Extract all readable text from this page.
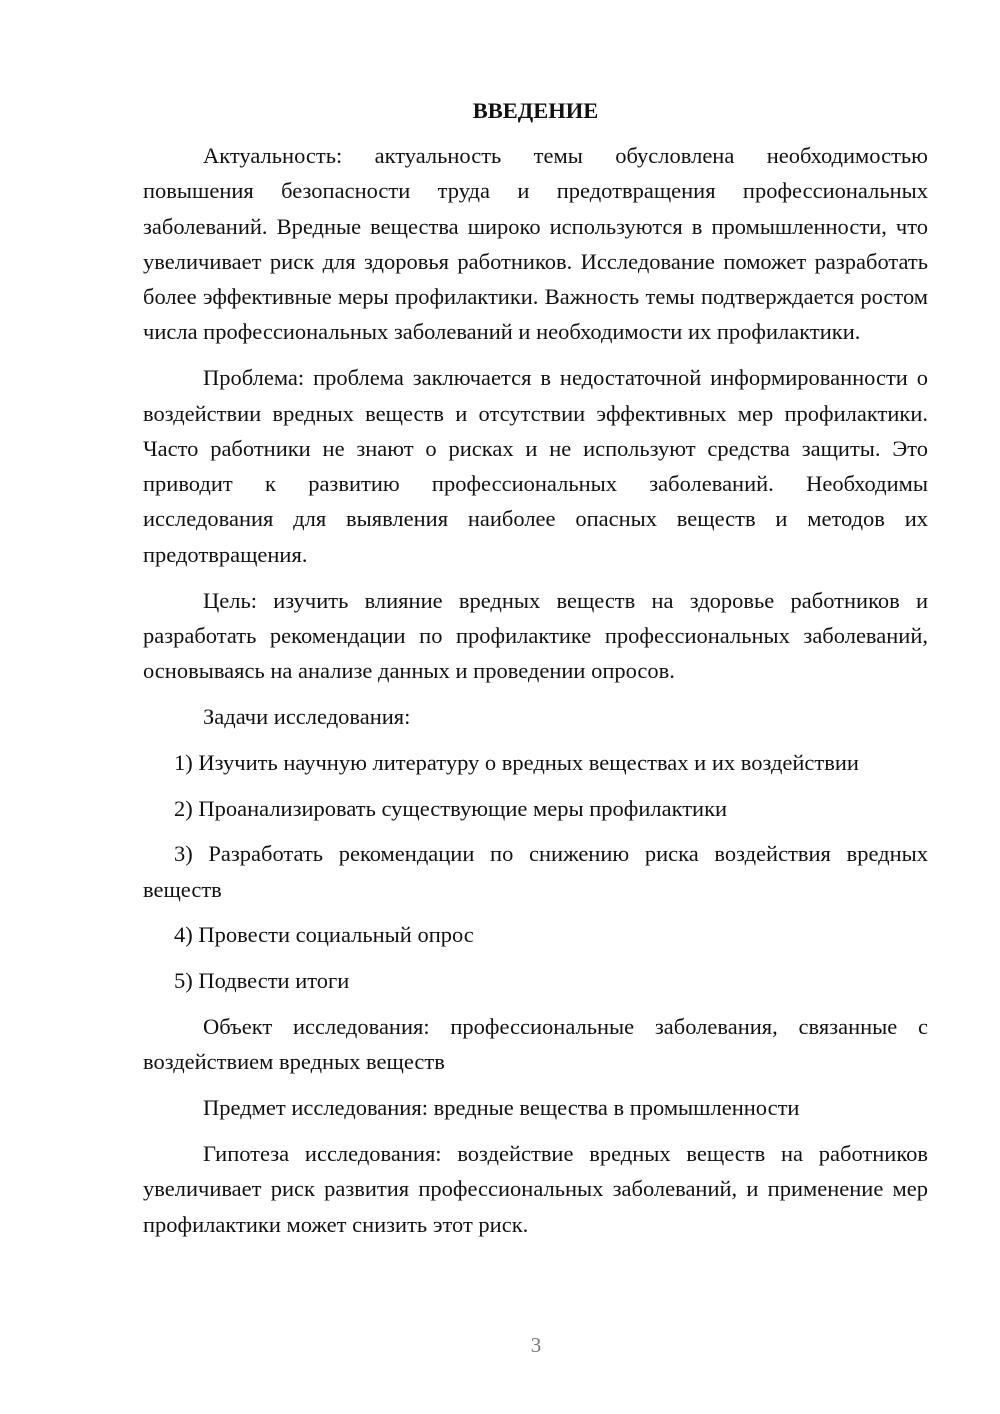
ВВЕДЕНИЕ

Актуальность: актуальность темы обусловлена необходимостью повышения безопасности труда и предотвращения профессиональных заболеваний. Вредные вещества широко используются в промышленности, что увеличивает риск для здоровья работников. Исследование поможет разработать более эффективные меры профилактики. Важность темы подтверждается ростом числа профессиональных заболеваний и необходимости их профилактики.

Проблема: проблема заключается в недостаточной информированности о воздействии вредных веществ и отсутствии эффективных мер профилактики. Часто работники не знают о рисках и не используют средства защиты. Это приводит к развитию профессиональных заболеваний. Необходимы исследования для выявления наиболее опасных веществ и методов их предотвращения.

Цель: изучить влияние вредных веществ на здоровье работников и разработать рекомендации по профилактике профессиональных заболеваний, основываясь на анализе данных и проведении опросов.

Задачи исследования:

1) Изучить научную литературу о вредных веществах и их воздействии

2) Проанализировать существующие меры профилактики

3) Разработать рекомендации по снижению риска воздействия вредных веществ

4) Провести социальный опрос

5) Подвести итоги

Объект исследования: профессиональные заболевания, связанные с воздействием вредных веществ

Предмет исследования: вредные вещества в промышленности

Гипотеза исследования: воздействие вредных веществ на работников увеличивает риск развития профессиональных заболеваний, и применение мер профилактики может снизить этот риск.

3
